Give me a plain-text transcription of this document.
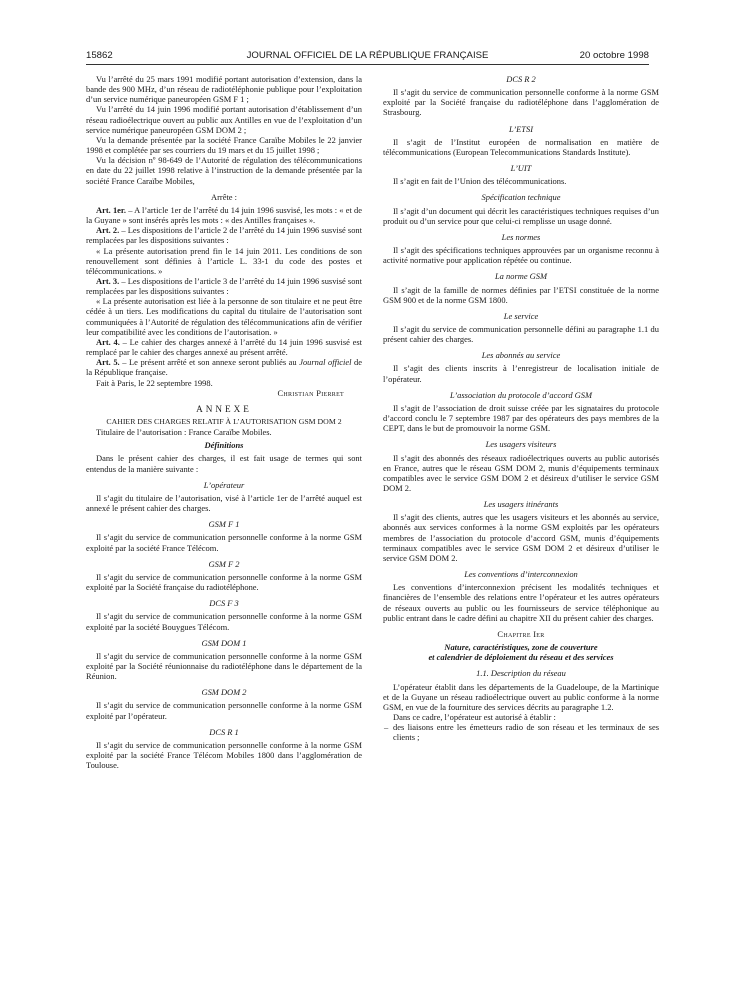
15862	JOURNAL OFFICIEL DE LA RÉPUBLIQUE FRANÇAISE	20 octobre 1998

Vu l’arrêté du 25 mars 1991 modifié portant autorisation d’extension, dans la bande des 900 MHz, d’un réseau de radiotéléphonie publique pour l’exploitation d’un service numérique paneuropéen GSM F 1 ;

Vu l’arrêté du 14 juin 1996 modifié portant autorisation d’établissement d’un réseau radioélectrique ouvert au public aux Antilles en vue de l’exploitation d’un service numérique paneuropéen GSM DOM 2 ;

Vu la demande présentée par la société France Caraïbe Mobiles le 22 janvier 1998 et complétée par ses courriers du 19 mars et du 15 juillet 1998 ;

Vu la décision nº 98-649 de l’Autorité de régulation des télécommunications en date du 22 juillet 1998 relative à l’instruction de la demande présentée par la société France Caraïbe Mobiles,

Arrête :

Art. 1er. – A l’article 1er de l’arrêté du 14 juin 1996 susvisé, les mots : « et de la Guyane » sont insérés après les mots : « des Antilles françaises ».

Art. 2. – Les dispositions de l’article 2 de l’arrêté du 14 juin 1996 susvisé sont remplacées par les dispositions suivantes :

« La présente autorisation prend fin le 14 juin 2011. Les conditions de son renouvellement sont définies à l’article L. 33-1 du code des postes et télécommunications. »

Art. 3. – Les dispositions de l’article 3 de l’arrêté du 14 juin 1996 susvisé sont remplacées par les dispositions suivantes :

« La présente autorisation est liée à la personne de son titulaire et ne peut être cédée à un tiers. Les modifications du capital du titulaire de l’autorisation sont communiquées à l’Autorité de régulation des télécommunications afin de vérifier leur compatibilité avec les conditions de l’autorisation. »

Art. 4. – Le cahier des charges annexé à l’arrêté du 14 juin 1996 susvisé est remplacé par le cahier des charges annexé au présent arrêté.

Art. 5. – Le présent arrêté et son annexe seront publiés au Journal officiel de la République française.

Fait à Paris, le 22 septembre 1998.

Christian Pierret

ANNEXE

CAHIER DES CHARGES RELATIF À L’AUTORISATION GSM DOM 2

Titulaire de l’autorisation : France Caraïbe Mobiles.

Définitions

Dans le présent cahier des charges, il est fait usage de termes qui sont entendus de la manière suivante :

L’opérateur

Il s’agit du titulaire de l’autorisation, visé à l’article 1er de l’arrêté auquel est annexé le présent cahier des charges.

GSM F 1

Il s’agit du service de communication personnelle conforme à la norme GSM exploité par la société France Télécom.

GSM F 2

Il s’agit du service de communication personnelle conforme à la norme GSM exploité par la Société française du radiotéléphone.

DCS F 3

Il s’agit du service de communication personnelle conforme à la norme GSM exploité par la société Bouygues Télécom.

GSM DOM 1

Il s’agit du service de communication personnelle conforme à la norme GSM exploité par la Société réunionnaise du radiotéléphone dans le département de la Réunion.

GSM DOM 2

Il s’agit du service de communication personnelle conforme à la norme GSM exploité par l’opérateur.

DCS R 1

Il s’agit du service de communication personnelle conforme à la norme GSM exploité par la société France Télécom Mobiles 1800 dans l’agglomération de Toulouse.

DCS R 2

Il s’agit du service de communication personnelle conforme à la norme GSM exploité par la Société française du radiotéléphone dans l’agglomération de Strasbourg.

L’ETSI

Il s’agit de l’Institut européen de normalisation en matière de télécommunications (European Telecommunications Standards Institute).

L’UIT

Il s’agit en fait de l’Union des télécommunications.

Spécification technique

Il s’agit d’un document qui décrit les caractéristiques techniques requises d’un produit ou d’un service pour que celui-ci remplisse un usage donné.

Les normes

Il s’agit des spécifications techniques approuvées par un organisme reconnu à activité normative pour application répétée ou continue.

La norme GSM

Il s’agit de la famille de normes définies par l’ETSI constituée de la norme GSM 900 et de la norme GSM 1800.

Le service

Il s’agit du service de communication personnelle défini au paragraphe 1.1 du présent cahier des charges.

Les abonnés au service

Il s’agit des clients inscrits à l’enregistreur de localisation initiale de l’opérateur.

L’association du protocole d’accord GSM

Il s’agit de l’association de droit suisse créée par les signataires du protocole d’accord conclu le 7 septembre 1987 par des opérateurs des pays membres de la CEPT, dans le but de promouvoir la norme GSM.

Les usagers visiteurs

Il s’agit des abonnés des réseaux radioélectriques ouverts au public autorisés en France, autres que le réseau GSM DOM 2, munis d’équipements terminaux compatibles avec le service GSM DOM 2 et désireux d’utiliser le service GSM DOM 2.

Les usagers itinérants

Il s’agit des clients, autres que les usagers visiteurs et les abonnés au service, abonnés aux services conformes à la norme GSM exploités par les opérateurs membres de l’association du protocole d’accord GSM, munis d’équipements terminaux compatibles avec le service GSM DOM 2 et désireux d’utiliser le service GSM DOM 2.

Les conventions d’interconnexion

Les conventions d’interconnexion précisent les modalités techniques et financières de l’ensemble des relations entre l’opérateur et les autres opérateurs de réseaux ouverts au public ou les fournisseurs de service téléphonique au public entrant dans le cadre défini au chapitre XII du présent cahier des charges.

Chapitre Ier

Nature, caractéristiques, zone de couverture

et calendrier de déploiement du réseau et des services

1.1. Description du réseau

L’opérateur établit dans les départements de la Guadeloupe, de la Martinique et de la Guyane un réseau radioélectrique ouvert au public conforme à la norme GSM, en vue de la fourniture des services décrits au paragraphe 1.2.

Dans ce cadre, l’opérateur est autorisé à établir :

– des liaisons entre les émetteurs radio de son réseau et les terminaux de ses clients ;
